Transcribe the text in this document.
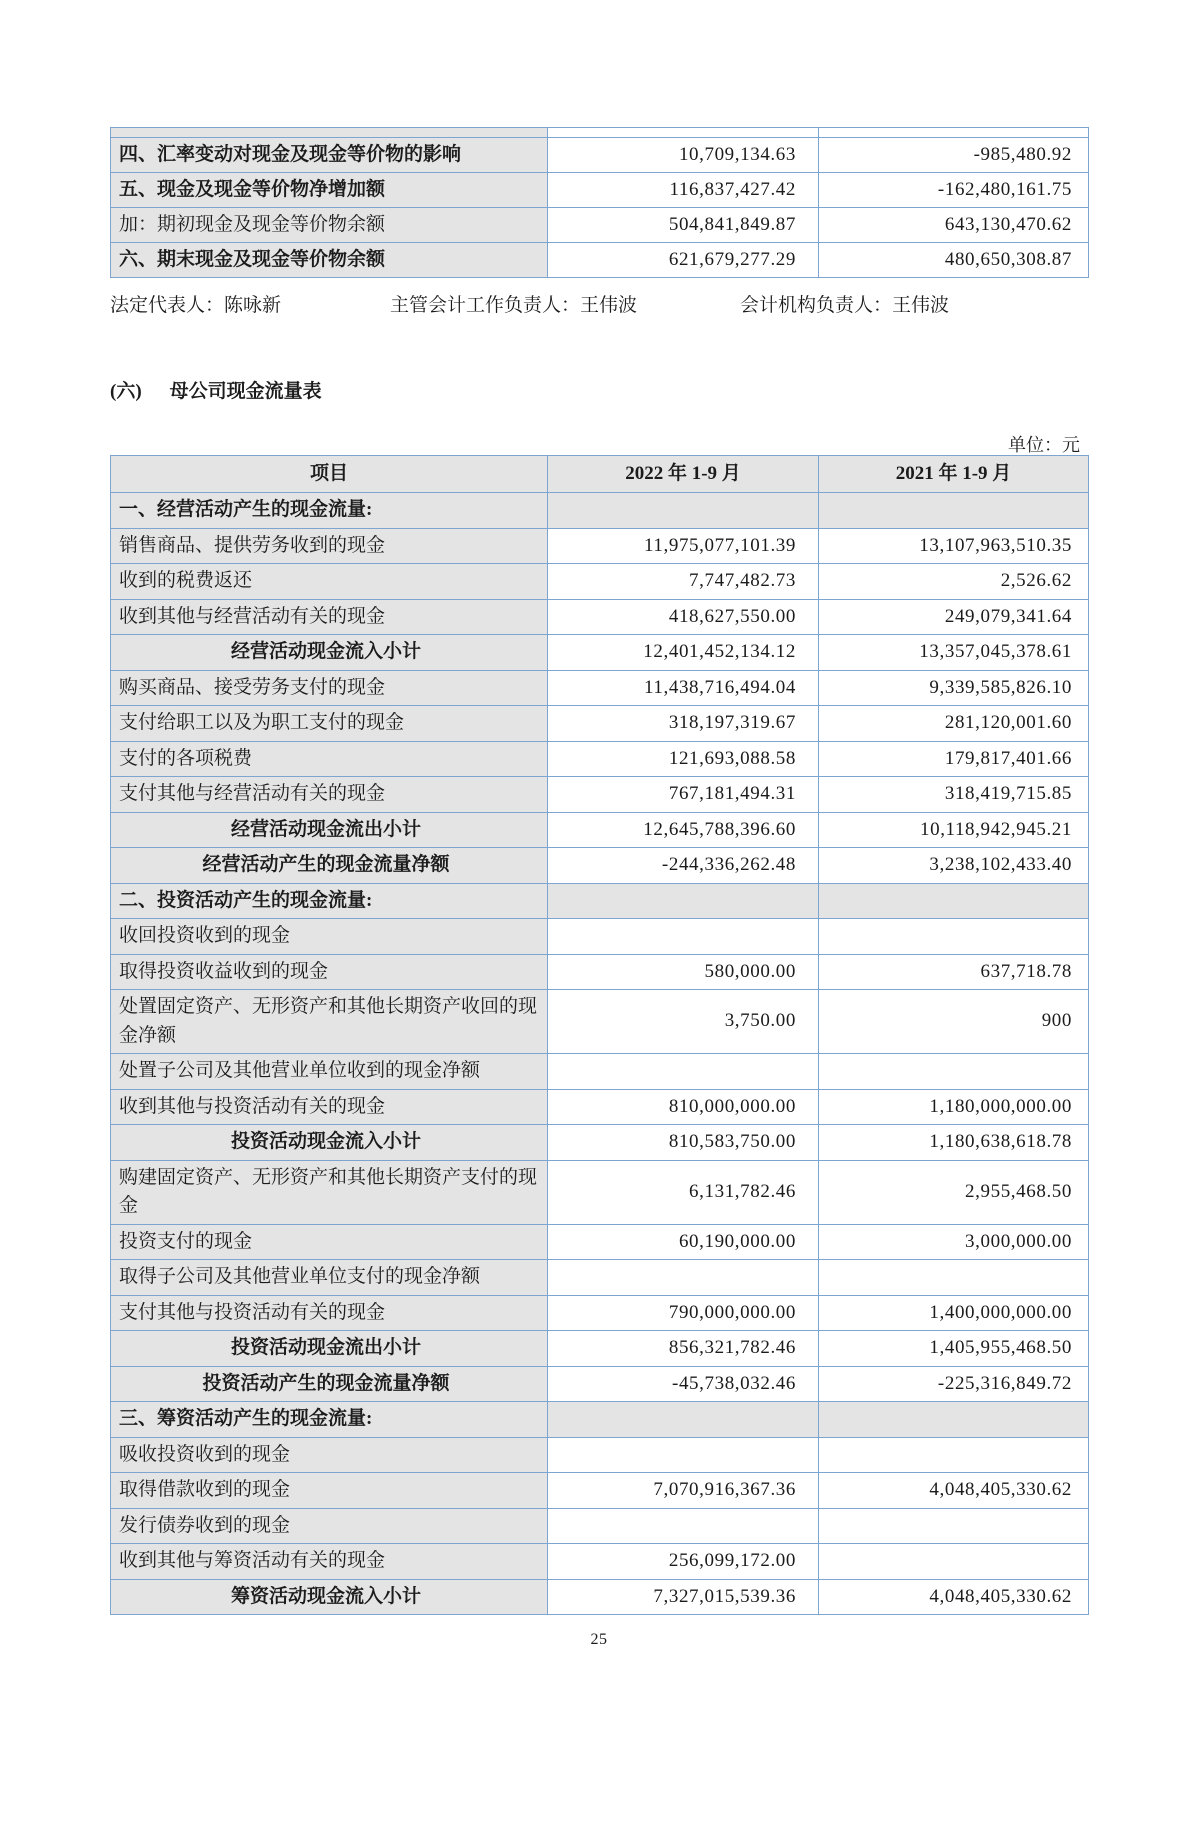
四、汇率变动对现金及现金等价物的影响	10,709,134.63	-985,480.92
五、现金及现金等价物净增加额	116,837,427.42	-162,480,161.75
加：期初现金及现金等价物余额	504,841,849.87	643,130,470.62
六、期末现金及现金等价物余额	621,679,277.29	480,650,308.87
法定代表人：陈咏新	主管会计工作负责人：王伟波	会计机构负责人：王伟波
(六) 母公司现金流量表
单位：元
项目	2022 年 1-9 月	2021 年 1-9 月
一、经营活动产生的现金流量:		
销售商品、提供劳务收到的现金	11,975,077,101.39	13,107,963,510.35
收到的税费返还	7,747,482.73	2,526.62
收到其他与经营活动有关的现金	418,627,550.00	249,079,341.64
经营活动现金流入小计	12,401,452,134.12	13,357,045,378.61
购买商品、接受劳务支付的现金	11,438,716,494.04	9,339,585,826.10
支付给职工以及为职工支付的现金	318,197,319.67	281,120,001.60
支付的各项税费	121,693,088.58	179,817,401.66
支付其他与经营活动有关的现金	767,181,494.31	318,419,715.85
经营活动现金流出小计	12,645,788,396.60	10,118,942,945.21
经营活动产生的现金流量净额	-244,336,262.48	3,238,102,433.40
二、投资活动产生的现金流量:		
收回投资收到的现金		
取得投资收益收到的现金	580,000.00	637,718.78
处置固定资产、无形资产和其他长期资产收回的现金净额	3,750.00	900
处置子公司及其他营业单位收到的现金净额		
收到其他与投资活动有关的现金	810,000,000.00	1,180,000,000.00
投资活动现金流入小计	810,583,750.00	1,180,638,618.78
购建固定资产、无形资产和其他长期资产支付的现金	6,131,782.46	2,955,468.50
投资支付的现金	60,190,000.00	3,000,000.00
取得子公司及其他营业单位支付的现金净额		
支付其他与投资活动有关的现金	790,000,000.00	1,400,000,000.00
投资活动现金流出小计	856,321,782.46	1,405,955,468.50
投资活动产生的现金流量净额	-45,738,032.46	-225,316,849.72
三、筹资活动产生的现金流量:		
吸收投资收到的现金		
取得借款收到的现金	7,070,916,367.36	4,048,405,330.62
发行债券收到的现金		
收到其他与筹资活动有关的现金	256,099,172.00	
筹资活动现金流入小计	7,327,015,539.36	4,048,405,330.62
25
